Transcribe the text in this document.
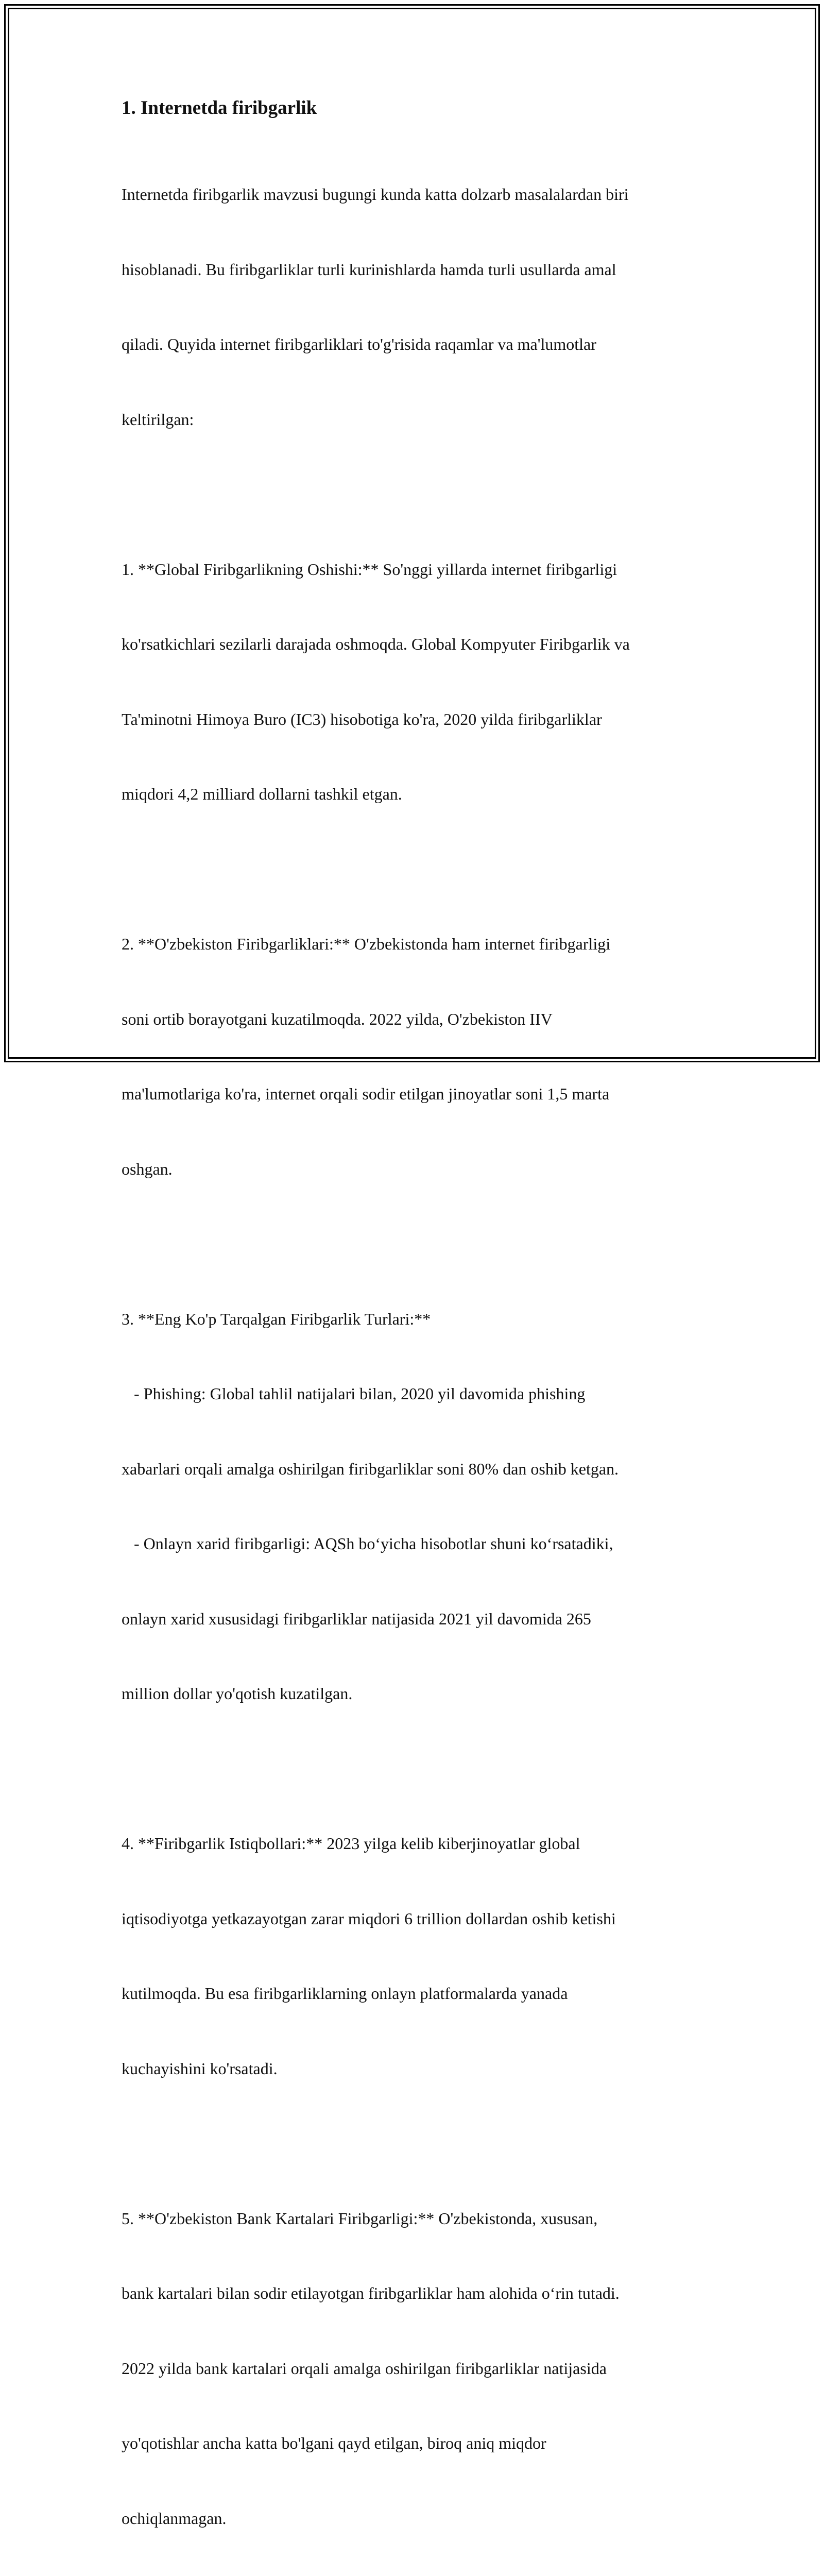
1. Internetda firibgarlik

Internetda firibgarlik mavzusi bugungi kunda katta dolzarb masalalardan biri

hisoblanadi. Bu firibgarliklar turli kurinishlarda hamda turli usullarda amal

qiladi. Quyida internet firibgarliklari to'g'risida raqamlar va ma'lumotlar

keltirilgan:

1. **Global Firibgarlikning Oshishi:** So'nggi yillarda internet firibgarligi

ko'rsatkichlari sezilarli darajada oshmoqda. Global Kompyuter Firibgarlik va

Ta'minotni Himoya Buro (IC3) hisobotiga ko'ra, 2020 yilda firibgarliklar

miqdori 4,2 milliard dollarni tashkil etgan.

2. **O'zbekiston Firibgarliklari:** O'zbekistonda ham internet firibgarligi

soni ortib borayotgani kuzatilmoqda. 2022 yilda, O'zbekiston IIV

ma'lumotlariga ko'ra, internet orqali sodir etilgan jinoyatlar soni 1,5 marta

oshgan.

3. **Eng Ko'p Tarqalgan Firibgarlik Turlari:**

- Phishing: Global tahlil natijalari bilan, 2020 yil davomida phishing

xabarlari orqali amalga oshirilgan firibgarliklar soni 80% dan oshib ketgan.

- Onlayn xarid firibgarligi: AQSh bo‘yicha hisobotlar shuni ko‘rsatadiki,

onlayn xarid xususidagi firibgarliklar natijasida 2021 yil davomida 265

million dollar yo'qotish kuzatilgan.

4. **Firibgarlik Istiqbollari:** 2023 yilga kelib kiberjinoyatlar global

iqtisodiyotga yetkazayotgan zarar miqdori 6 trillion dollardan oshib ketishi

kutilmoqda. Bu esa firibgarliklarning onlayn platformalarda yanada

kuchayishini ko'rsatadi.

5. **O'zbekiston Bank Kartalari Firibgarligi:** O'zbekistonda, xususan,

bank kartalari bilan sodir etilayotgan firibgarliklar ham alohida o‘rin tutadi.

2022 yilda bank kartalari orqali amalga oshirilgan firibgarliklar natijasida

yo'qotishlar ancha katta bo'lgani qayd etilgan, biroq aniq miqdor

ochiqlanmagan.
